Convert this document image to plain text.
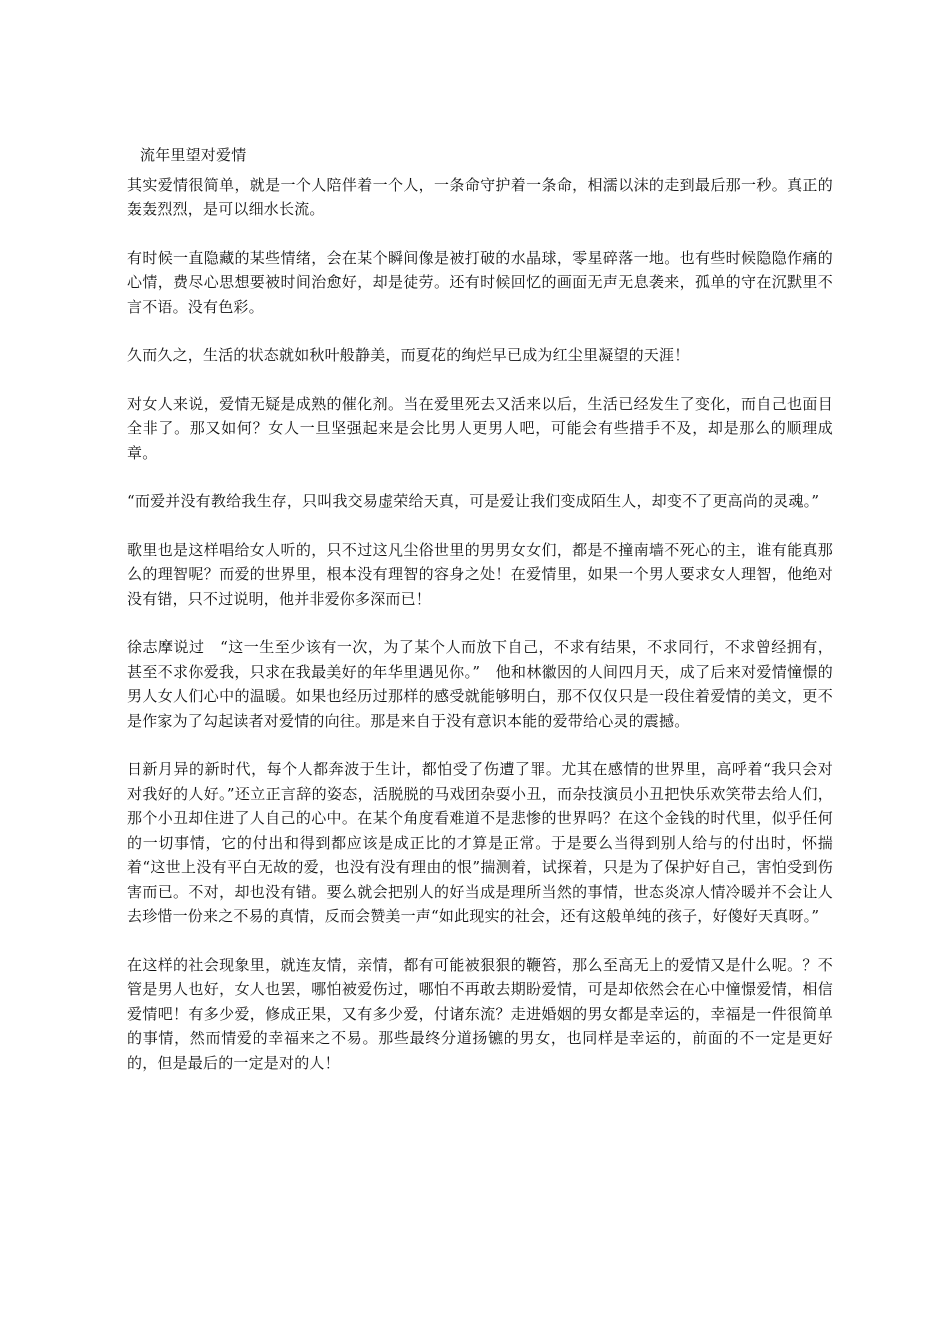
流年里望对爱情

其实爱情很简单，就是一个人陪伴着一个人，一条命守护着一条命，相濡以沫的走到最后那一秒。真正的轰轰烈烈，是可以细水长流。

有时候一直隐藏的某些情绪，会在某个瞬间像是被打破的水晶球，零星碎落一地。也有些时候隐隐作痛的心情，费尽心思想要被时间治愈好，却是徒劳。还有时候回忆的画面无声无息袭来，孤单的守在沉默里不言不语。没有色彩。

久而久之，生活的状态就如秋叶般静美，而夏花的绚烂早已成为红尘里凝望的天涯！

对女人来说，爱情无疑是成熟的催化剂。当在爱里死去又活来以后，生活已经发生了变化，而自己也面目全非了。那又如何？女人一旦坚强起来是会比男人更男人吧，可能会有些措手不及，却是那么的顺理成章。

“而爱并没有教给我生存，只叫我交易虚荣给天真，可是爱让我们变成陌生人，却变不了更高尚的灵魂。”

歌里也是这样唱给女人听的，只不过这凡尘俗世里的男男女女们，都是不撞南墙不死心的主，谁有能真那么的理智呢？而爱的世界里，根本没有理智的容身之处！在爱情里，如果一个男人要求女人理智，他绝对没有错，只不过说明，他并非爱你多深而已！

徐志摩说过　“这一生至少该有一次，为了某个人而放下自己，不求有结果，不求同行，不求曾经拥有，甚至不求你爱我，只求在我最美好的年华里遇见你。”　他和林徽因的人间四月天，成了后来对爱情憧憬的男人女人们心中的温暖。如果也经历过那样的感受就能够明白，那不仅仅只是一段住着爱情的美文，更不是作家为了勾起读者对爱情的向往。那是来自于没有意识本能的爱带给心灵的震撼。

日新月异的新时代，每个人都奔波于生计，都怕受了伤遭了罪。尤其在感情的世界里，高呼着“我只会对对我好的人好。”还立正言辞的姿态，活脱脱的马戏团杂耍小丑，而杂技演员小丑把快乐欢笑带去给人们，那个小丑却住进了人自己的心中。在某个角度看难道不是悲惨的世界吗？在这个金钱的时代里，似乎任何的一切事情，它的付出和得到都应该是成正比的才算是正常。于是要么当得到别人给与的付出时，怀揣着“这世上没有平白无故的爱，也没有没有理由的恨”揣测着，试探着，只是为了保护好自己，害怕受到伤害而已。不对，却也没有错。要么就会把别人的好当成是理所当然的事情，世态炎凉人情冷暖并不会让人去珍惜一份来之不易的真情，反而会赞美一声“如此现实的社会，还有这般单纯的孩子，好傻好天真呀。”

在这样的社会现象里，就连友情，亲情，都有可能被狠狠的鞭笞，那么至高无上的爱情又是什么呢。？不管是男人也好，女人也罢，哪怕被爱伤过，哪怕不再敢去期盼爱情，可是却依然会在心中憧憬爱情，相信爱情吧！有多少爱，修成正果，又有多少爱，付诸东流？走进婚姻的男女都是幸运的，幸福是一件很简单的事情，然而情爱的幸福来之不易。那些最终分道扬镳的男女，也同样是幸运的，前面的不一定是更好的，但是最后的一定是对的人！
